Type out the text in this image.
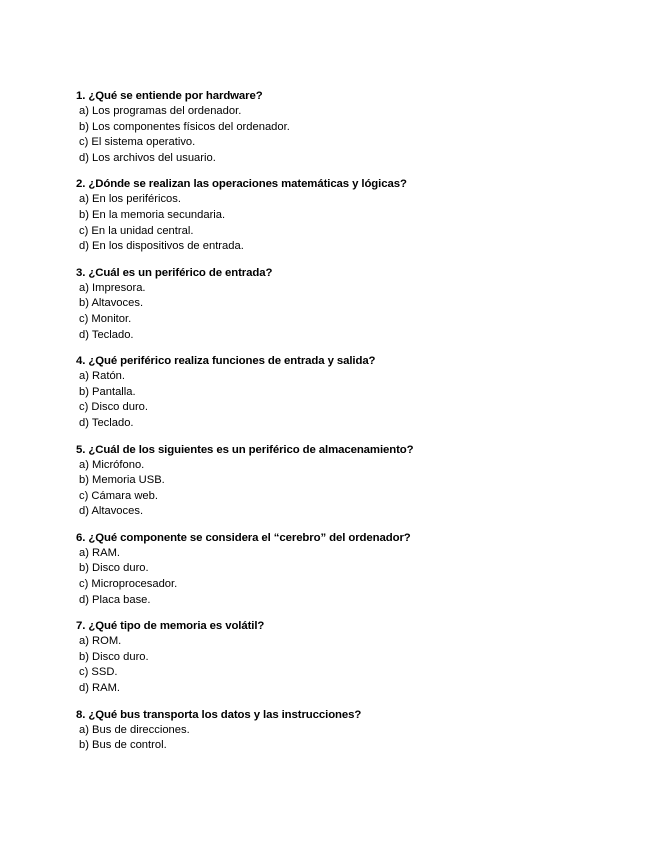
1. ¿Qué se entiende por hardware?
a) Los programas del ordenador.
b) Los componentes físicos del ordenador.
c) El sistema operativo.
d) Los archivos del usuario.
2. ¿Dónde se realizan las operaciones matemáticas y lógicas?
a) En los periféricos.
b) En la memoria secundaria.
c) En la unidad central.
d) En los dispositivos de entrada.
3. ¿Cuál es un periférico de entrada?
a) Impresora.
b) Altavoces.
c) Monitor.
d) Teclado.
4. ¿Qué periférico realiza funciones de entrada y salida?
a) Ratón.
b) Pantalla.
c) Disco duro.
d) Teclado.
5. ¿Cuál de los siguientes es un periférico de almacenamiento?
a) Micrófono.
b) Memoria USB.
c) Cámara web.
d) Altavoces.
6. ¿Qué componente se considera el “cerebro” del ordenador?
a) RAM.
b) Disco duro.
c) Microprocesador.
d) Placa base.
7. ¿Qué tipo de memoria es volátil?
a) ROM.
b) Disco duro.
c) SSD.
d) RAM.
8. ¿Qué bus transporta los datos y las instrucciones?
a) Bus de direcciones.
b) Bus de control.
